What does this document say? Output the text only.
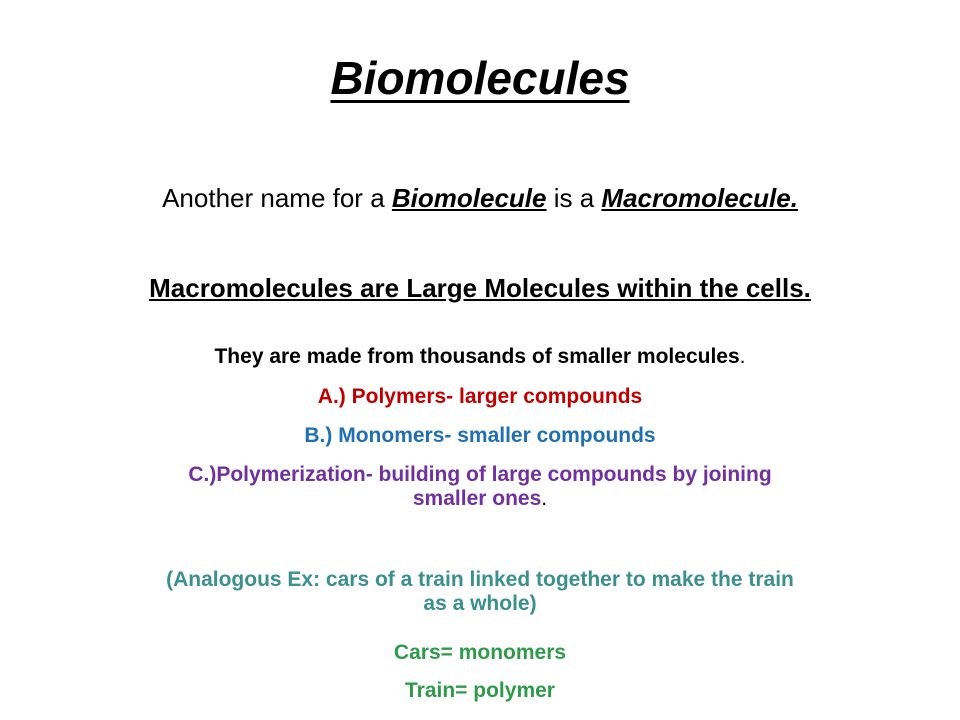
Biomolecules
Another name for a Biomolecule is a Macromolecule.
Macromolecules are Large Molecules within the cells.
They are made from thousands of smaller molecules.
A.) Polymers- larger compounds
B.) Monomers- smaller compounds
C.)Polymerization- building of large compounds by joining
smaller ones.
(Analogous Ex: cars of a train linked together to make the train
as a whole)
Cars= monomers
Train= polymer
